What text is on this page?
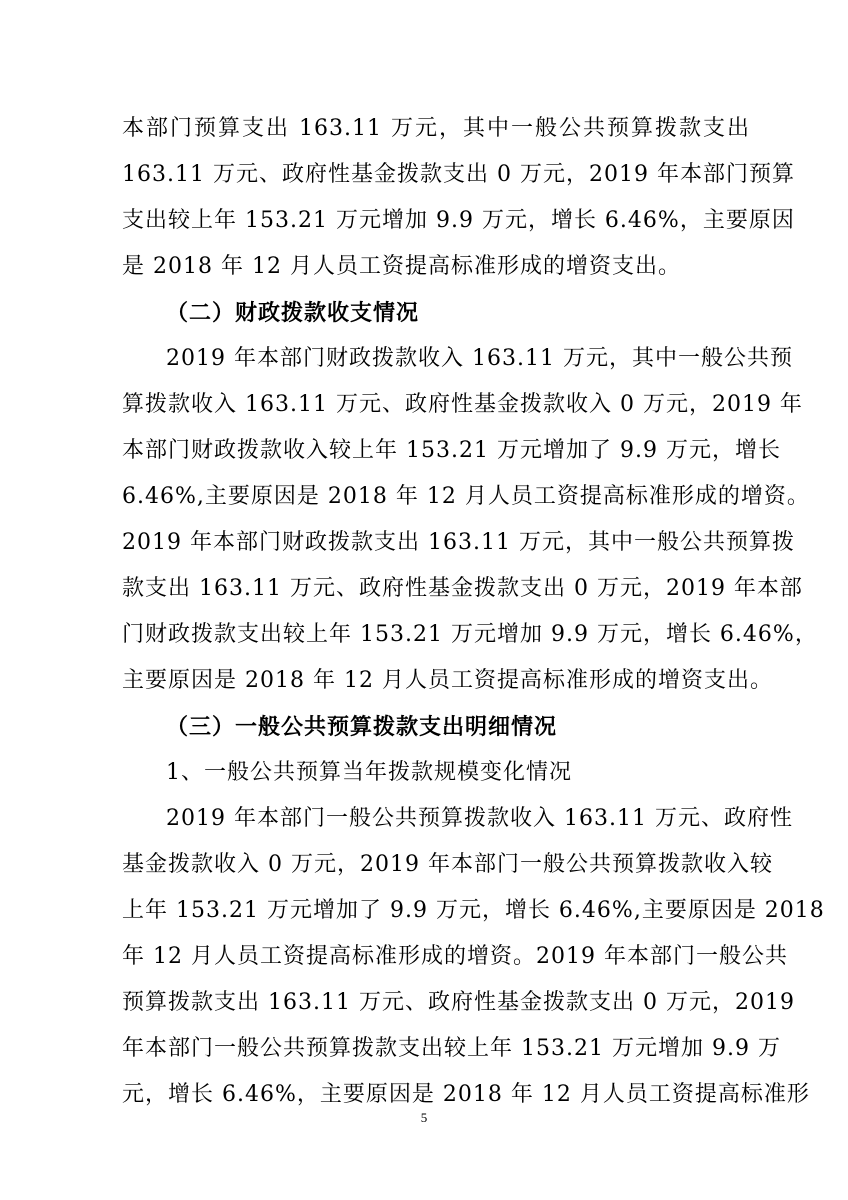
本部门预算支出 163.11 万元，其中一般公共预算拨款支出
163.11 万元、政府性基金拨款支出 0 万元，2019 年本部门预算
支出较上年 153.21 万元增加 9.9 万元，增长 6.46%，主要原因
是 2018 年 12 月人员工资提高标准形成的增资支出。
（二）财政拨款收支情况
2019 年本部门财政拨款收入 163.11 万元，其中一般公共预
算拨款收入 163.11 万元、政府性基金拨款收入 0 万元，2019 年
本部门财政拨款收入较上年 153.21 万元增加了 9.9 万元，增长
6.46%,主要原因是 2018 年 12 月人员工资提高标准形成的增资。
2019 年本部门财政拨款支出 163.11 万元，其中一般公共预算拨
款支出 163.11 万元、政府性基金拨款支出 0 万元，2019 年本部
门财政拨款支出较上年 153.21 万元增加 9.9 万元，增长 6.46%，
主要原因是 2018 年 12 月人员工资提高标准形成的增资支出。
（三）一般公共预算拨款支出明细情况
1、一般公共预算当年拨款规模变化情况
2019 年本部门一般公共预算拨款收入 163.11 万元、政府性
基金拨款收入 0 万元，2019 年本部门一般公共预算拨款收入较
上年 153.21 万元增加了 9.9 万元，增长 6.46%,主要原因是 2018
年 12 月人员工资提高标准形成的增资。2019 年本部门一般公共
预算拨款支出 163.11 万元、政府性基金拨款支出 0 万元，2019
年本部门一般公共预算拨款支出较上年 153.21 万元增加 9.9 万
元，增长 6.46%，主要原因是 2018 年 12 月人员工资提高标准形
5
